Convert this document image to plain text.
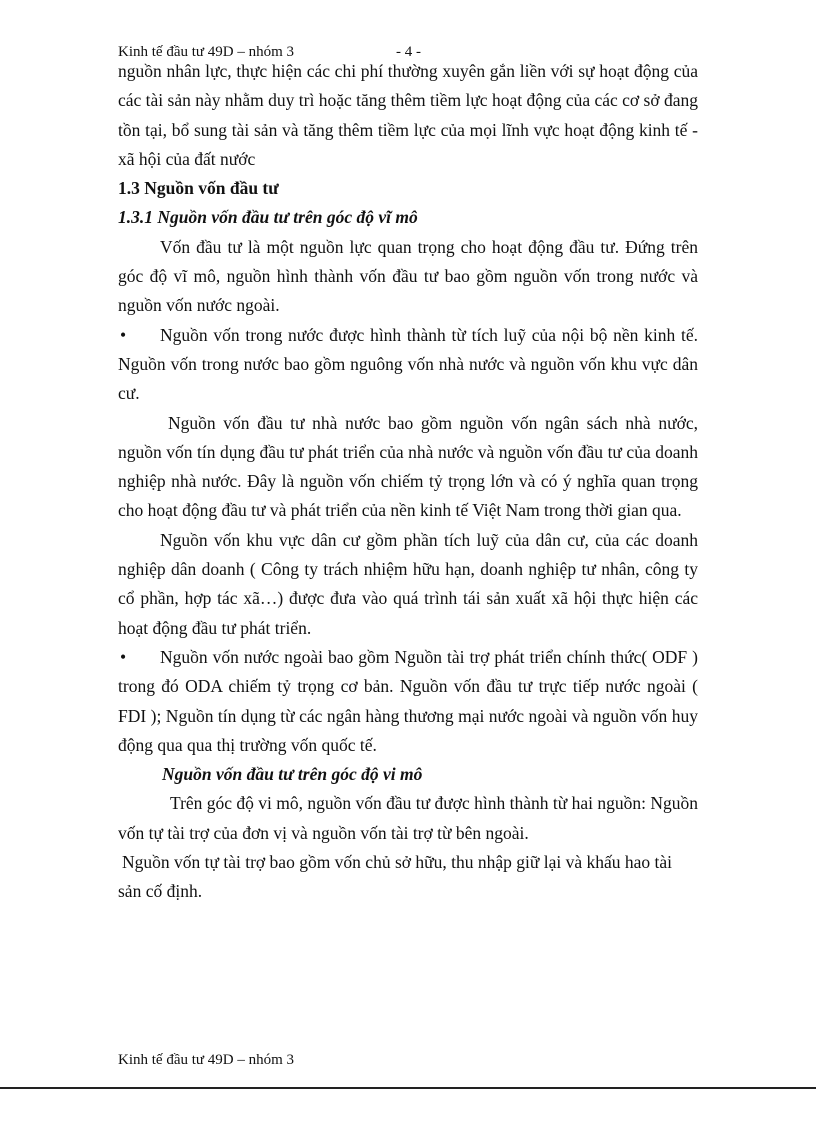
Kinh tế đầu tư 49D – nhóm 3	- 4 -

nguồn nhân lực, thực hiện các chi phí thường xuyên gắn liền với sự hoạt động của các tài sản này nhằm duy trì hoặc tăng thêm tiềm lực hoạt động của các cơ sở đang tồn tại, bổ sung tài sản và tăng thêm tiềm lực của mọi lĩnh vực hoạt động kinh tế - xã hội của đất nước

1.3 Nguồn vốn đầu tư

1.3.1 Nguồn vốn đầu tư trên góc độ vĩ mô

Vốn đầu tư là một nguồn lực quan trọng cho hoạt động đầu tư. Đứng trên góc độ vĩ mô, nguồn hình thành vốn đầu tư bao gồm nguồn vốn trong nước và nguồn vốn nước ngoài.

• Nguồn vốn trong nước được hình thành từ tích luỹ của nội bộ nền kinh tế. Nguồn vốn trong nước bao gồm nguông vốn nhà nước và nguồn vốn khu vực dân cư.

Nguồn vốn đầu tư nhà nước bao gồm nguồn vốn ngân sách nhà nước, nguồn vốn tín dụng đầu tư phát triển của nhà nước và nguồn vốn đầu tư của doanh nghiệp nhà nước. Đây là nguồn vốn chiếm tỷ trọng lớn và có ý nghĩa quan trọng cho hoạt động đầu tư và phát triển của nền kinh tế Việt Nam trong thời gian qua.

Nguồn vốn khu vực dân cư gồm phần tích luỹ của dân cư, của các doanh nghiệp dân doanh ( Công ty trách nhiệm hữu hạn, doanh nghiệp tư nhân, công ty cổ phần, hợp tác xã…) được đưa vào quá trình tái sản xuất xã hội thực hiện các hoạt động đầu tư phát triển.

• Nguồn vốn nước ngoài bao gồm Nguồn tài trợ phát triển chính thức( ODF ) trong đó ODA chiếm tỷ trọng cơ bản. Nguồn vốn đầu tư trực tiếp nước ngoài ( FDI ); Nguồn tín dụng từ các ngân hàng thương mại nước ngoài và nguồn vốn huy động qua qua thị trường vốn quốc tế.

Nguồn vốn đầu tư trên góc độ vi mô

Trên góc độ vi mô, nguồn vốn đầu tư được hình thành từ hai nguồn: Nguồn vốn tự tài trợ của đơn vị và nguồn vốn tài trợ từ bên ngoài.

Nguồn vốn tự tài trợ bao gồm vốn chủ sở hữu, thu nhập giữ lại và khấu hao tài sản cố định.

Kinh tế đầu tư 49D – nhóm 3
